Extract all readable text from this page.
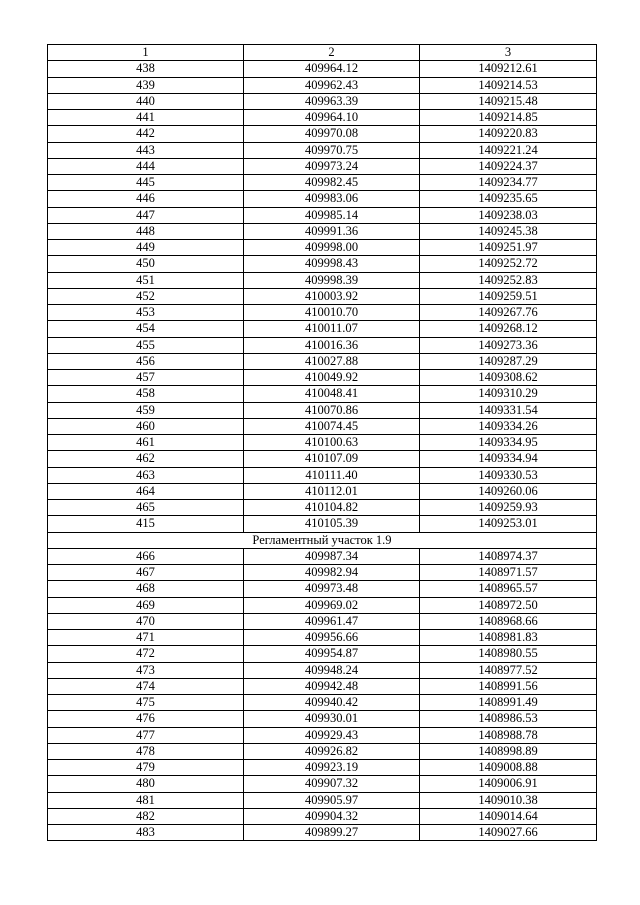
1	2	3
438	409964.12	1409212.61
439	409962.43	1409214.53
440	409963.39	1409215.48
441	409964.10	1409214.85
442	409970.08	1409220.83
443	409970.75	1409221.24
444	409973.24	1409224.37
445	409982.45	1409234.77
446	409983.06	1409235.65
447	409985.14	1409238.03
448	409991.36	1409245.38
449	409998.00	1409251.97
450	409998.43	1409252.72
451	409998.39	1409252.83
452	410003.92	1409259.51
453	410010.70	1409267.76
454	410011.07	1409268.12
455	410016.36	1409273.36
456	410027.88	1409287.29
457	410049.92	1409308.62
458	410048.41	1409310.29
459	410070.86	1409331.54
460	410074.45	1409334.26
461	410100.63	1409334.95
462	410107.09	1409334.94
463	410111.40	1409330.53
464	410112.01	1409260.06
465	410104.82	1409259.93
415	410105.39	1409253.01
Регламентный участок 1.9		
466	409987.34	1408974.37
467	409982.94	1408971.57
468	409973.48	1408965.57
469	409969.02	1408972.50
470	409961.47	1408968.66
471	409956.66	1408981.83
472	409954.87	1408980.55
473	409948.24	1408977.52
474	409942.48	1408991.56
475	409940.42	1408991.49
476	409930.01	1408986.53
477	409929.43	1408988.78
478	409926.82	1408998.89
479	409923.19	1409008.88
480	409907.32	1409006.91
481	409905.97	1409010.38
482	409904.32	1409014.64
483	409899.27	1409027.66
